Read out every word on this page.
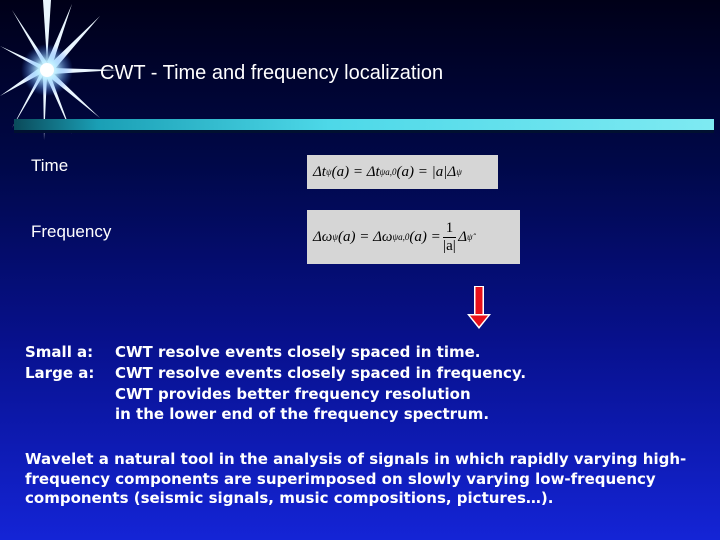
CWT - Time and frequency localization
Time
Frequency
Δt ψ (a) = Δt ψa,0 (a) = |a|Δ ψ
Δω ψ (a) = Δω ψa,0 $(a) = \frac{1}{|a|}$ Δ ψ̂
Small a: CWT resolve events closely spaced in time.
Large a: CWT resolve events closely spaced in frequency.
CWT provides better frequency resolution
in the lower end of the frequency spectrum.
Wavelet a natural tool in the analysis of signals in which rapidly varying high-frequency components are superimposed on slowly varying low-frequency components (seismic signals, music compositions, pictures…).
